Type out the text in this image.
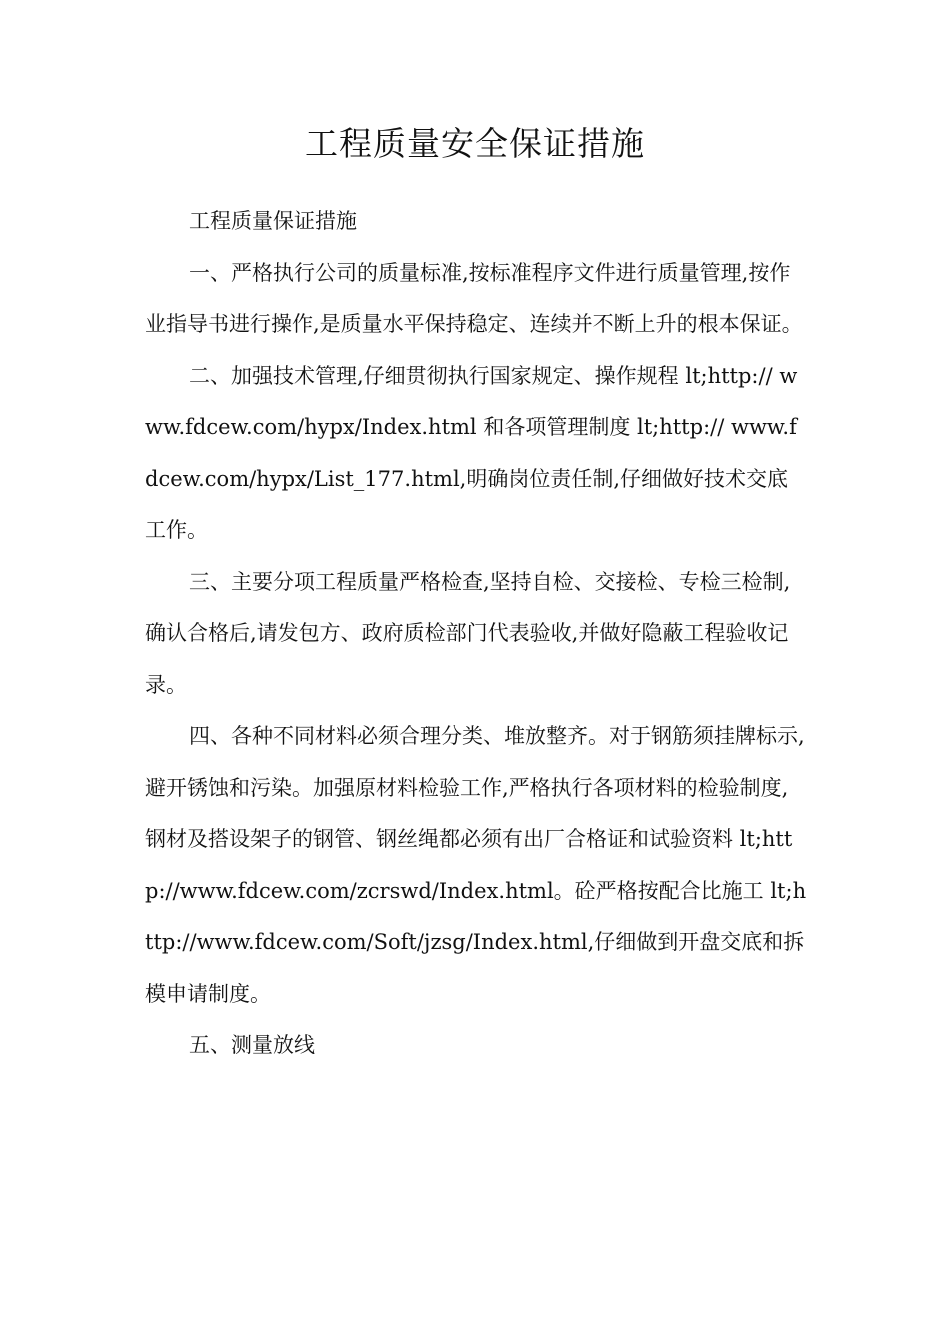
工程质量安全保证措施

工程质量保证措施

一、严格执行公司的质量标准,按标准程序文件进行质量管理,按作业指导书进行操作,是质量水平保持稳定、连续并不断上升的根本保证。

二、加强技术管理,仔细贯彻执行国家规定、操作规程 lt;http:// www.fdcew.com/hypx/Index.html 和各项管理制度 lt;http:// www.fdcew.com/hypx/List_177.html,明确岗位责任制,仔细做好技术交底工作。

三、主要分项工程质量严格检查,坚持自检、交接检、专检三检制,确认合格后,请发包方、政府质检部门代表验收,并做好隐蔽工程验收记录。

四、各种不同材料必须合理分类、堆放整齐。对于钢筋须挂牌标示,避开锈蚀和污染。加强原材料检验工作,严格执行各项材料的检验制度,钢材及搭设架子的钢管、钢丝绳都必须有出厂合格证和试验资料 lt;http://www.fdcew.com/zcrswd/Index.html。砼严格按配合比施工 lt;http://www.fdcew.com/Soft/jzsg/Index.html,仔细做到开盘交底和拆模申请制度。

五、测量放线
